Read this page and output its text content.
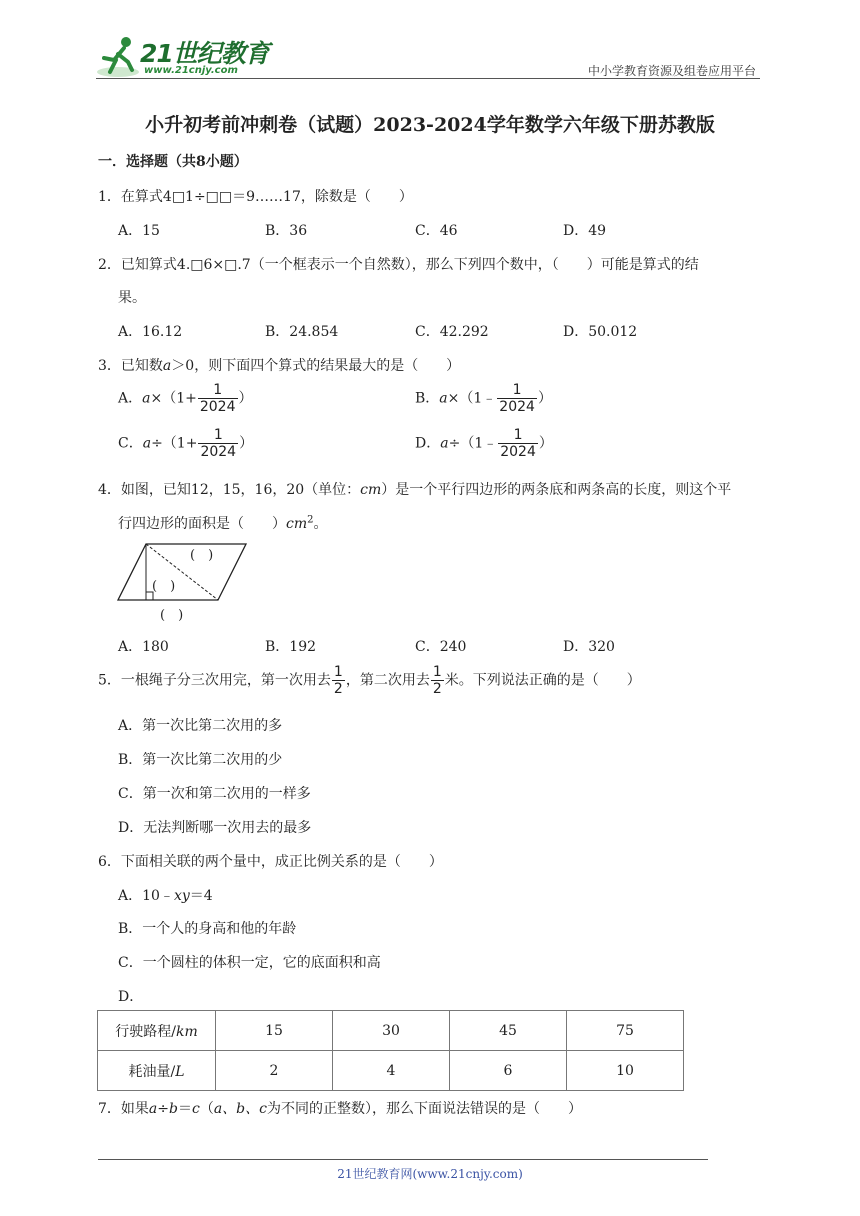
21世纪教育
www.21cnjy.com	中小学教育资源及组卷应用平台
小升初考前冲刺卷（试题）2023-2024学年数学六年级下册苏教版
一．选择题（共8小题）
1．在算式4□1÷□□＝9……17，除数是（　　）
A．15	B．36	C．46	D．49
2．已知算式4.□6×□.7（一个框表示一个自然数），那么下列四个数中，（　　）可能是算式的结
果。
A．16.12	B．24.854	C．42.292	D．50.012
3．已知数a＞0，则下面四个算式的结果最大的是（　　）
A．$a\times(1+ \frac{1}{2024}$ ）	B．a×（1﹣ $\frac{1}{2024}$ ）
C．$a\div(1+ \frac{1}{2024}$ ）	D．a÷（1﹣ $\frac{1}{2024}$ ）
4．如图，已知12，15，16，20（单位：cm）是一个平行四边形的两条底和两条高的长度，则这个平
行四边形的面积是（　　）$cm^2$。
(　)
(　)
(　)
A．180	B．192	C．240	D．320
5．一根绳子分三次用完，第一次用去 $\frac{1}{2}$ ，第二次用去 $\frac{1}{2}$ 米。下列说法正确的是（　　）
A．第一次比第二次用的多
B．第一次比第二次用的少
C．第一次和第二次用的一样多
D．无法判断哪一次用去的最多
6．下面相关联的两个量中，成正比例关系的是（　　）
A．10﹣xy＝4
B．一个人的身高和他的年龄
C．一个圆柱的体积一定，它的底面积和高
D．
行驶路程/km	15	30	45	75
耗油量/L	2	4	6	10
7．如果a÷b＝c（a、b、c为不同的正整数），那么下面说法错误的是（　　）
21世纪教育网(www.21cnjy.com)
